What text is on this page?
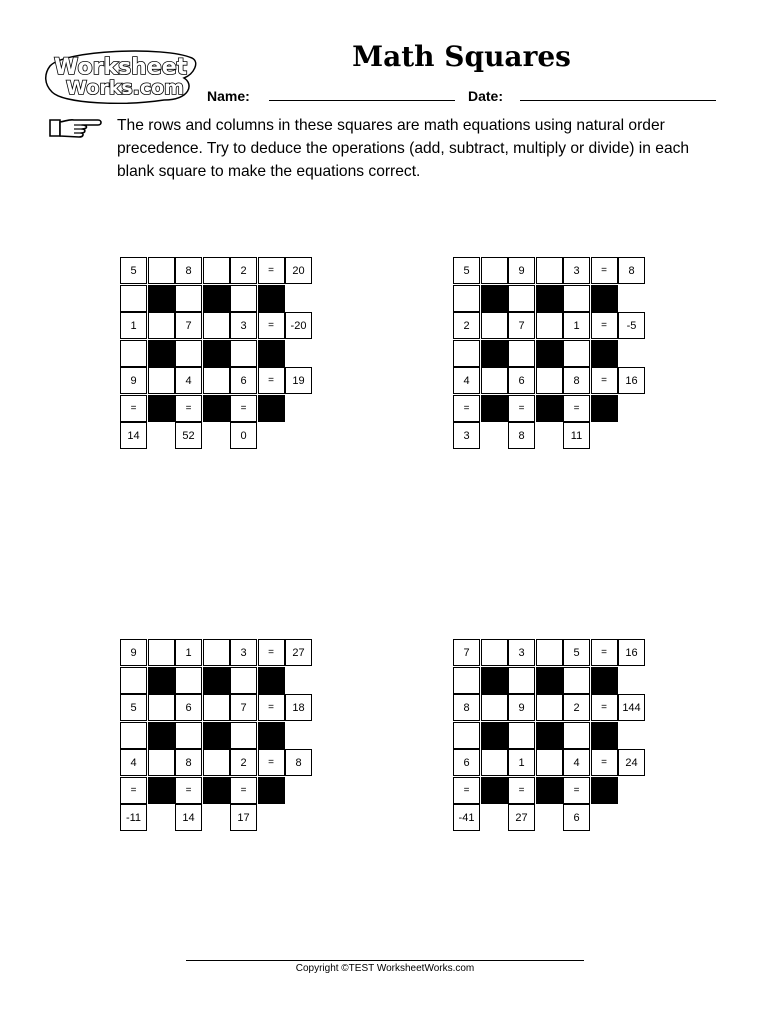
Worksheet
Works.com
Math Squares
Name:	Date:
The rows and columns in these squares are math equations using natural order precedence. Try to deduce the operations (add, subtract, multiply or divide) in each blank square to make the equations correct.
5	8	2	=	20
1	7	3	=	-20
9	4	6	=	19
=	=	=
14	52	0
5	9	3	=	8
2	7	1	=	-5
4	6	8	=	16
=	=	=
3	8	11
9	1	3	=	27
5	6	7	=	18
4	8	2	=	8
=	=	=
-11	14	17
7	3	5	=	16
8	9	2	=	144
6	1	4	=	24
=	=	=
-41	27	6
Copyright ©TEST WorksheetWorks.com
